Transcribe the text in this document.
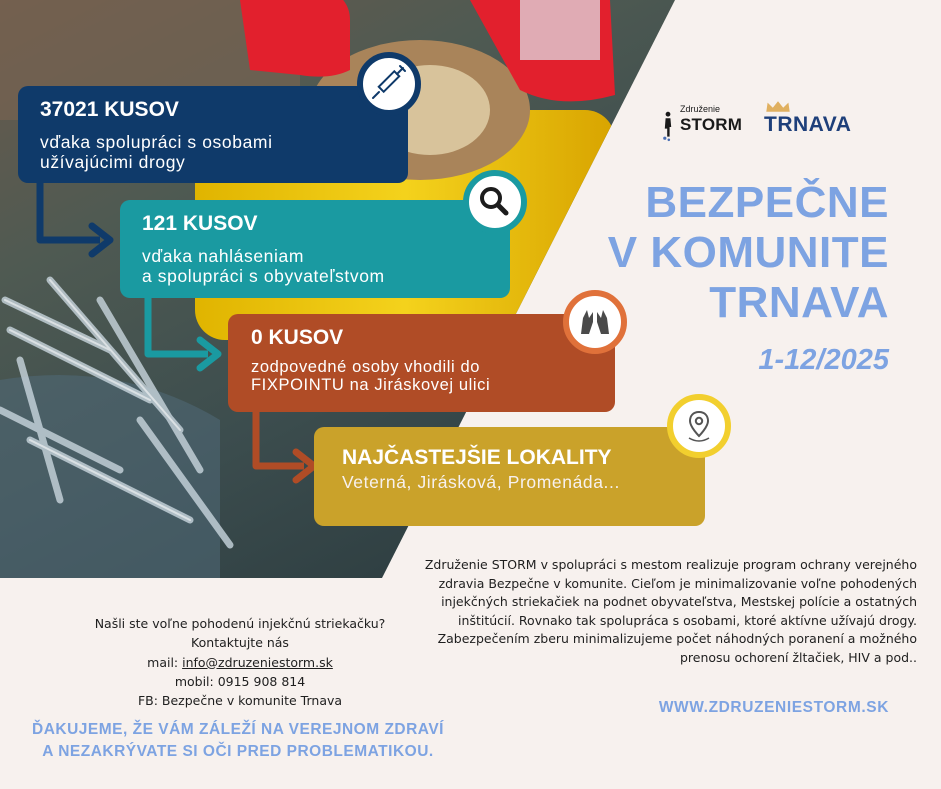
Združenie
STORM TRNAVA
BEZPEČNE
V KOMUNITE
TRNAVA
1-12/2025
37021 KUSOV
vďaka spolupráci s osobami
užívajúcimi drogy
121 KUSOV
vďaka nahláseniam
a spolupráci s obyvateľstvom
0 KUSOV
zodpovedné osoby vhodili do
FIXPOINTU na Jiráskovej ulici
NAJČASTEJŠIE LOKALITY
Veterná, Jirásková, Promenáda...
Združenie STORM v spolupráci s mestom realizuje program ochrany verejného
zdravia Bezpečne v komunite. Cieľom je minimalizovanie voľne pohodených
injekčných striekačiek na podnet obyvateľstva, Mestskej polície a ostatných
inštitúcií. Rovnako tak spolupráca s osobami, ktoré aktívne užívajú drogy.
Zabezpečením zberu minimalizujeme počet náhodných poranení a možného
prenosu ochorení žltačiek, HIV a pod..
Našli ste voľne pohodenú injekčnú striekačku?
Kontaktujte nás
mail: info@zdruzeniestorm.sk
mobil: 0915 908 814
FB: Bezpečne v komunite Trnava	WWW.ZDRUZENIESTORM.SK
ĎAKUJEME, ŽE VÁM ZÁLEŽÍ NA VEREJNOM ZDRAVÍ
A NEZAKRÝVATE SI OČI PRED PROBLEMATIKOU.
